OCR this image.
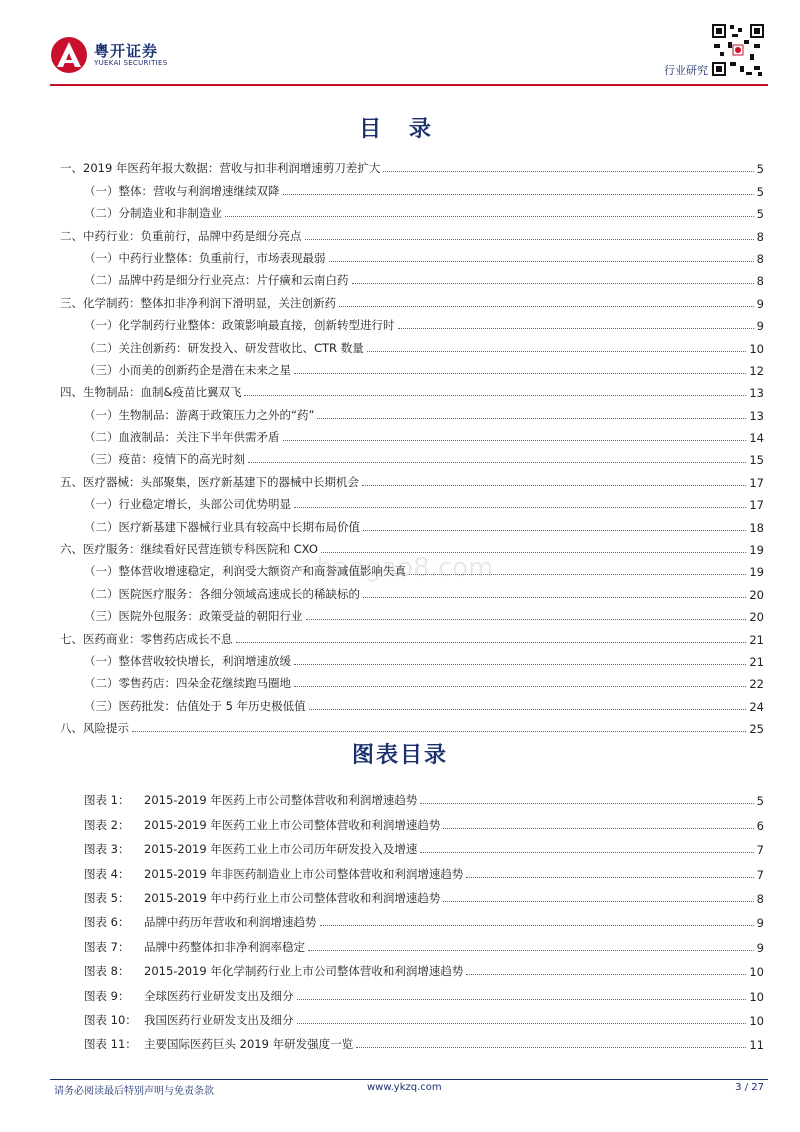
粤开证券
YUEKAI SECURITIES
行业研究
目 录
一、2019 年医药年报大数据：营收与扣非利润增速剪刀差扩大	5
（一）整体：营收与利润增速继续双降	5
（二）分制造业和非制造业	5
二、中药行业：负重前行，品牌中药是细分亮点	8
（一）中药行业整体：负重前行，市场表现最弱	8
（二）品牌中药是细分行业亮点：片仔癀和云南白药	8
三、化学制药：整体扣非净利润下滑明显，关注创新药	9
（一）化学制药行业整体：政策影响最直接，创新转型进行时	9
（二）关注创新药：研发投入、研发营收比、CTR 数量	10
（三）小而美的创新药企是潜在未来之星	12
四、生物制品：血制&疫苗比翼双飞	13
（一）生物制品：游离于政策压力之外的“药”	13
（二）血液制品：关注下半年供需矛盾	14
（三）疫苗：疫情下的高光时刻	15
五、医疗器械：头部聚集，医疗新基建下的器械中长期机会	17
（一）行业稳定增长，头部公司优势明显	17
（二）医疗新基建下器械行业具有较高中长期布局价值	18
六、医疗服务：继续看好民营连锁专科医院和 CXO	19
（一）整体营收增速稳定，利润受大额资产和商誉减值影响失真	19
（二）医院医疗服务：各细分领域高速成长的稀缺标的	20
（三）医院外包服务：政策受益的朝阳行业	20
七、医药商业：零售药店成长不息	21
（一）整体营收较快增长，利润增速放缓	21
（二）零售药店：四朵金花继续跑马圈地	22
（三）医药批发：估值处于 5 年历史极低值	24
八、风险提示	25
baogao8.com
图表目录
图表 1：	2015-2019 年医药上市公司整体营收和利润增速趋势	5
图表 2：	2015-2019 年医药工业上市公司整体营收和利润增速趋势	6
图表 3：	2015-2019 年医药工业上市公司历年研发投入及增速	7
图表 4：	2015-2019 年非医药制造业上市公司整体营收和利润增速趋势	7
图表 5：	2015-2019 年中药行业上市公司整体营收和利润增速趋势	8
图表 6：	品牌中药历年营收和利润增速趋势	9
图表 7：	品牌中药整体扣非净利润率稳定	9
图表 8：	2015-2019 年化学制药行业上市公司整体营收和利润增速趋势	10
图表 9：	全球医药行业研发支出及细分	10
图表 10： 我国医药行业研发支出及细分	10
图表 11： 主要国际医药巨头 2019 年研发强度一览	11
请务必阅读最后特别声明与免责条款	www.ykzq.com	3 / 27
